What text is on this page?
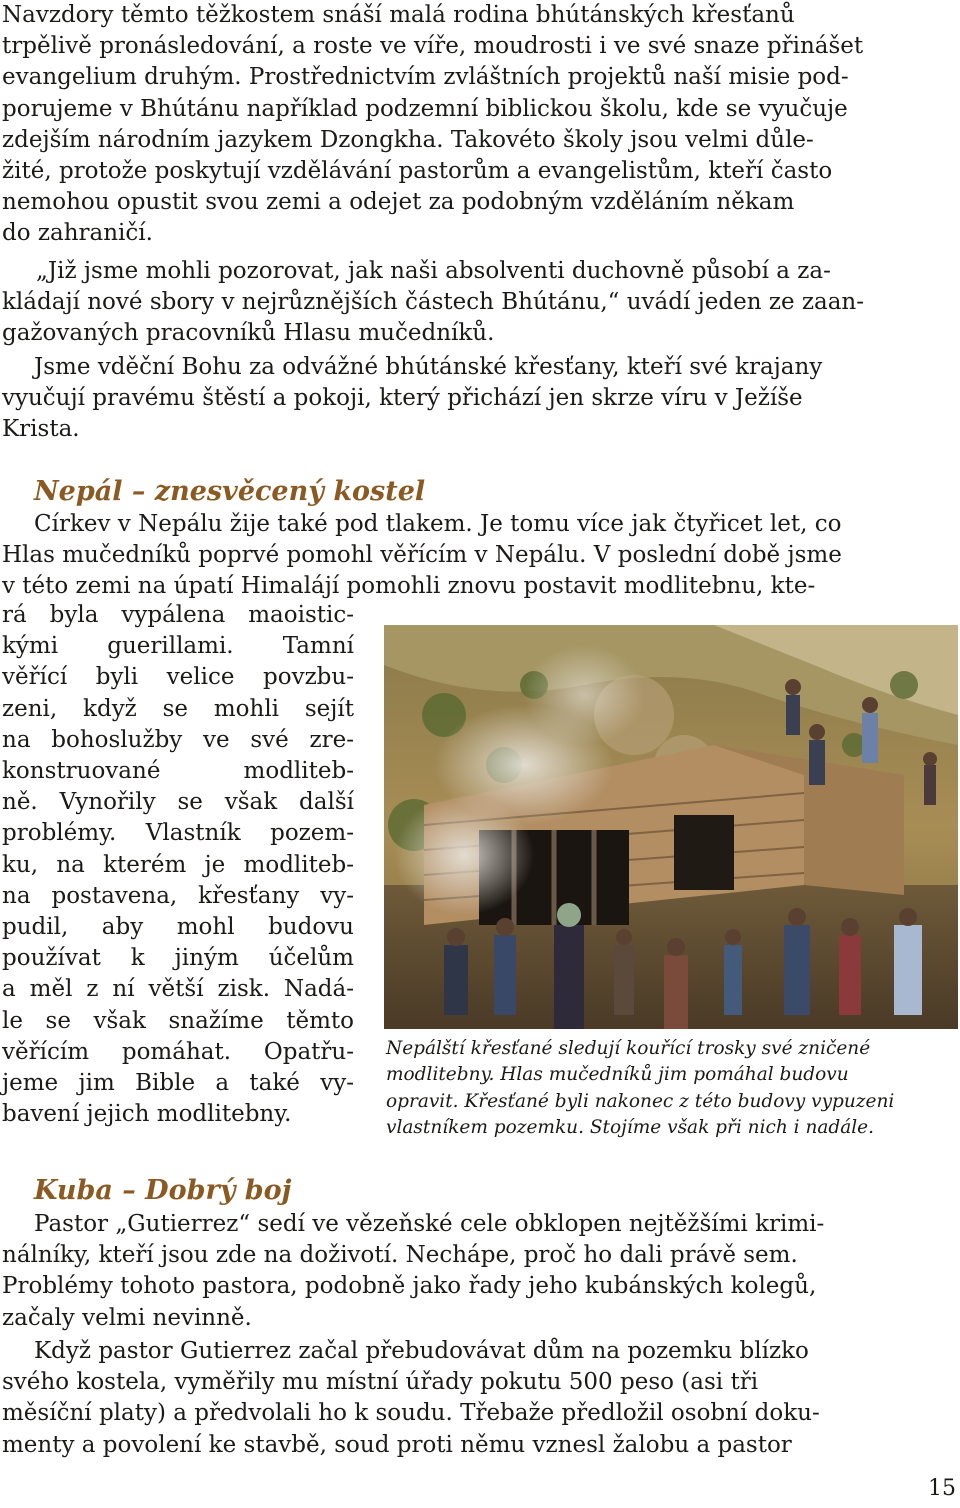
Navzdory těmto těžkostem snáší malá rodina bhútánských křesťanů
trpělivě pronásledování, a roste ve víře, moudrosti i ve své snaze přinášet
evangelium druhým. Prostřednictvím zvláštních projektů naší misie pod-
porujeme v Bhútánu například podzemní biblickou školu, kde se vyučuje
zdejším národním jazykem Dzongkha. Takovéto školy jsou velmi důle-
žité, protože poskytují vzdělávání pastorům a evangelistům, kteří často
nemohou opustit svou zemi a odejet za podobným vzděláním někam
do zahraničí.
„Již jsme mohli pozorovat, jak naši absolventi duchovně působí a za-
kládají nové sbory v nejrůznějších částech Bhútánu,“ uvádí jeden ze zaan-
gažovaných pracovníků Hlasu mučedníků.
Jsme vděční Bohu za odvážné bhútánské křesťany, kteří své krajany
vyučují pravému štěstí a pokoji, který přichází jen skrze víru v Ježíše
Krista.
Nepál – znesvěcený kostel
Církev v Nepálu žije také pod tlakem. Je tomu více jak čtyřicet let, co
Hlas mučedníků poprvé pomohl věřícím v Nepálu. V poslední době jsme
v této zemi na úpatí Himalájí pomohli znovu postavit modlitebnu, kte-
rá byla vypálena maoistic-
kými guerillami. Tamní
věřící byli velice povzbu-
zeni, když se mohli sejít
na bohoslužby ve své zre-
konstruované modliteb-
ně. Vynořily se však další
problémy. Vlastník pozem-
ku, na kterém je modliteb-
na postavena, křesťany vy-
pudil, aby mohl budovu
používat k jiným účelům
a měl z ní větší zisk. Nadá-
le se však snažíme těmto
věřícím pomáhat. Opatřu-
jeme jim Bible a také vy-
bavení jejich modlitebny.
Nepálští křesťané sledují kouřící trosky své zničené
modlitebny. Hlas mučedníků jim pomáhal budovu
opravit. Křesťané byli nakonec z této budovy vypuzeni
vlastníkem pozemku. Stojíme však při nich i nadále.
Kuba – Dobrý boj
Pastor „Gutierrez“ sedí ve vězeňské cele obklopen nejtěžšími krimi-
nálníky, kteří jsou zde na doživotí. Nechápe, proč ho dali právě sem.
Problémy tohoto pastora, podobně jako řady jeho kubánských kolegů,
začaly velmi nevinně.
Když pastor Gutierrez začal přebudovávat dům na pozemku blízko
svého kostela, vyměřily mu místní úřady pokutu 500 peso (asi tři
měsíční platy) a předvolali ho k soudu. Třebaže předložil osobní doku-
menty a povolení ke stavbě, soud proti němu vznesl žalobu a pastor
15
